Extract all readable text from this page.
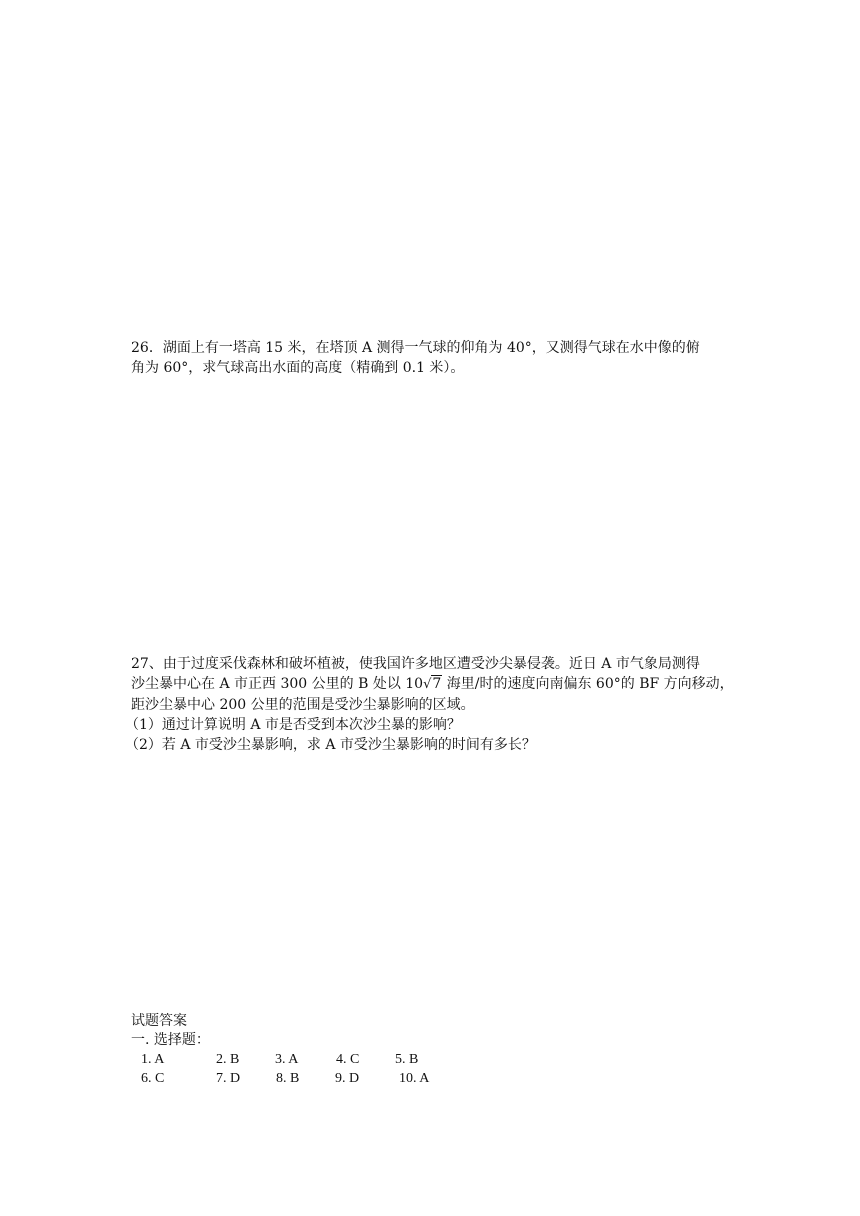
26．湖面上有一塔高 15 米，在塔顶 A 测得一气球的仰角为 40°，又测得气球在水中像的俯

角为 60°，求气球高出水面的高度（精确到 0.1 米）。

27、由于过度采伐森林和破坏植被，使我国许多地区遭受沙尖暴侵袭。近日 A 市气象局测得

沙尘暴中心在 A 市正西 300 公里的 B 处以 10√7 海里/时的速度向南偏东 60°的 BF 方向移动，

距沙尘暴中心 200 公里的范围是受沙尘暴影响的区域。

（1）通过计算说明 A 市是否受到本次沙尘暴的影响？

（2）若 A 市受沙尘暴影响，求 A 市受沙尘暴影响的时间有多长？

试题答案

一. 选择题：

1. A	2. B	3. A	4. C	5. B
6. C	7. D	8. B	9. D	10. A
